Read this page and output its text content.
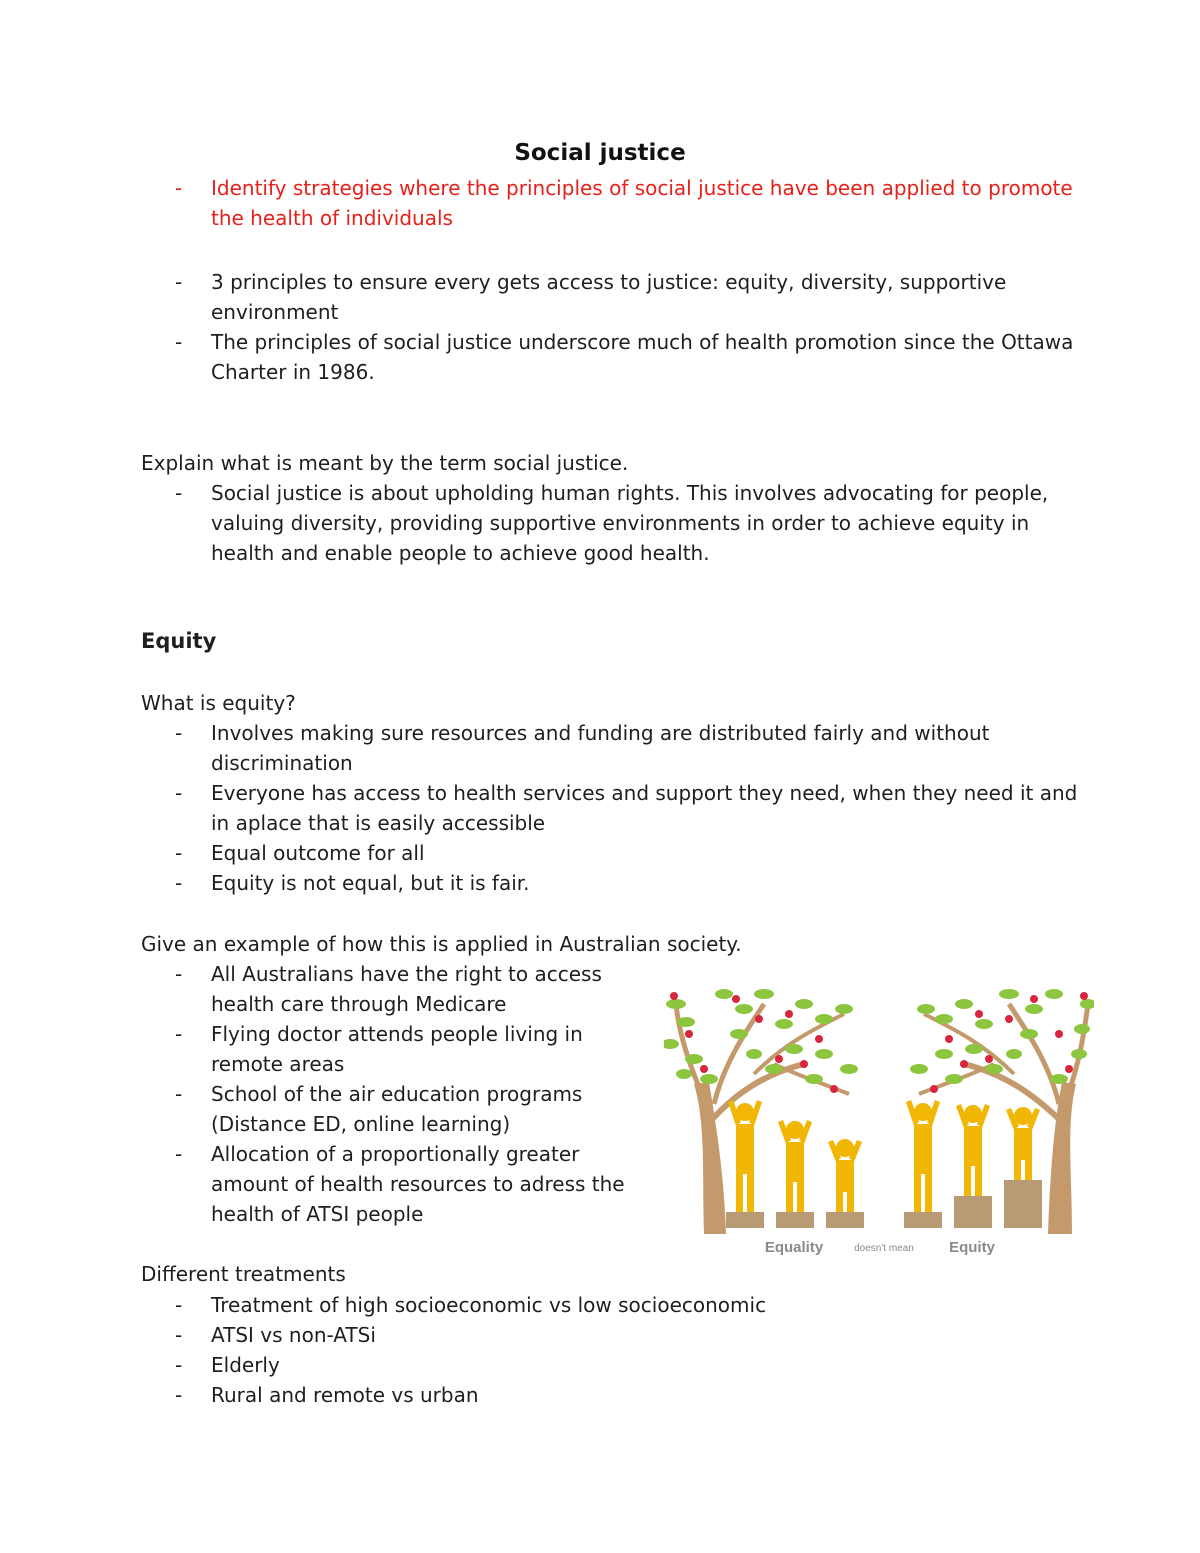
Social justice
- Identify strategies where the principles of social justice have been applied to promote the health of individuals
- 3 principles to ensure every gets access to justice: equity, diversity, supportive environment
- The principles of social justice underscore much of health promotion since the Ottawa Charter in 1986.
Explain what is meant by the term social justice.
- Social justice is about upholding human rights. This involves advocating for people, valuing diversity, providing supportive environments in order to achieve equity in health and enable people to achieve good health.
Equity
What is equity?
- Involves making sure resources and funding are distributed fairly and without discrimination
- Everyone has access to health services and support they need, when they need it and in aplace that is easily accessible
- Equal outcome for all
- Equity is not equal, but it is fair.
Give an example of how this is applied in Australian society.
- All Australians have the right to access health care through Medicare
- Flying doctor attends people living in remote areas
- School of the air education programs (Distance ED, online learning)
- Allocation of a proportionally greater amount of health resources to adress the health of ATSI people
Equality	doesn't mean Equity
Different treatments
- Treatment of high socioeconomic vs low socioeconomic
- ATSI vs non-ATSi
- Elderly
- Rural and remote vs urban
